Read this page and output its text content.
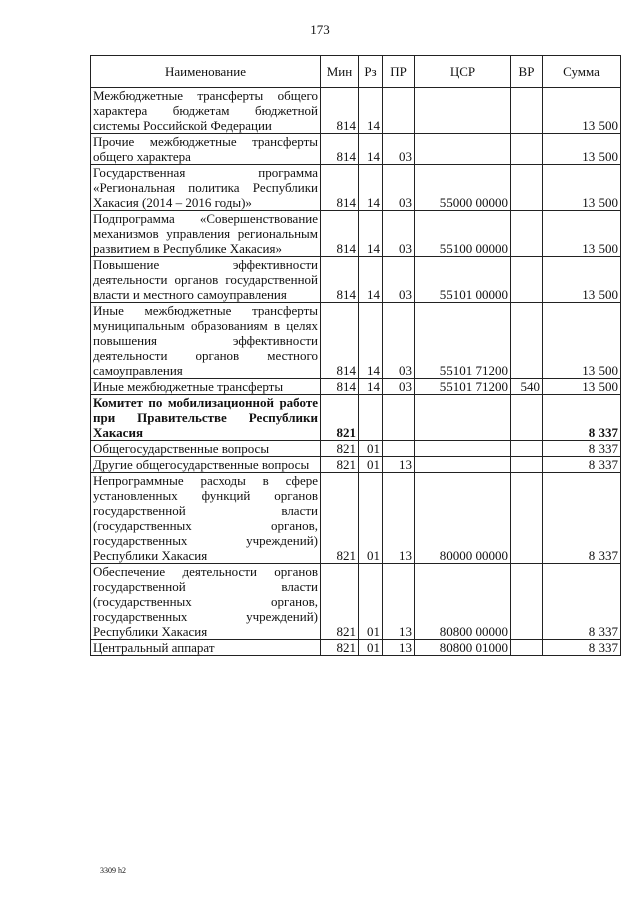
173
Наименование	Мин	Рз	ПР	ЦСР	ВР	Сумма
Межбюджетные трансферты общего характера бюджетам бюджетной системы Российской Федерации	814	14				13 500
Прочие межбюджетные трансферты общего характера	814	14	03			13 500
Государственная программа «Региональная политика Республики Хакасия (2014 – 2016 годы)»	814	14	03	55000 00000		13 500
Подпрограмма «Совершенствование механизмов управления региональным развитием в Республике Хакасия»	814	14	03	55100 00000		13 500
Повышение эффективности деятельности органов государственной власти и местного самоуправления	814	14	03	55101 00000		13 500
Иные межбюджетные трансферты муниципальным образованиям в целях повышения эффективности деятельности органов местного самоуправления	814	14	03	55101 71200		13 500
Иные межбюджетные трансферты	814	14	03	55101 71200	540	13 500
Комитет по мобилизационной работе при Правительстве Республики Хакасия	821					8 337
Общегосударственные вопросы	821	01				8 337
Другие общегосударственные вопросы	821	01	13			8 337
Непрограммные расходы в сфере установленных функций органов государственной власти (государственных органов, государственных учреждений) Республики Хакасия	821	01	13	80000 00000		8 337
Обеспечение деятельности органов государственной власти (государственных органов, государственных учреждений) Республики Хакасия	821	01	13	80800 00000		8 337
Центральный аппарат	821	01	13	80800 01000		8 337
3309 h2
